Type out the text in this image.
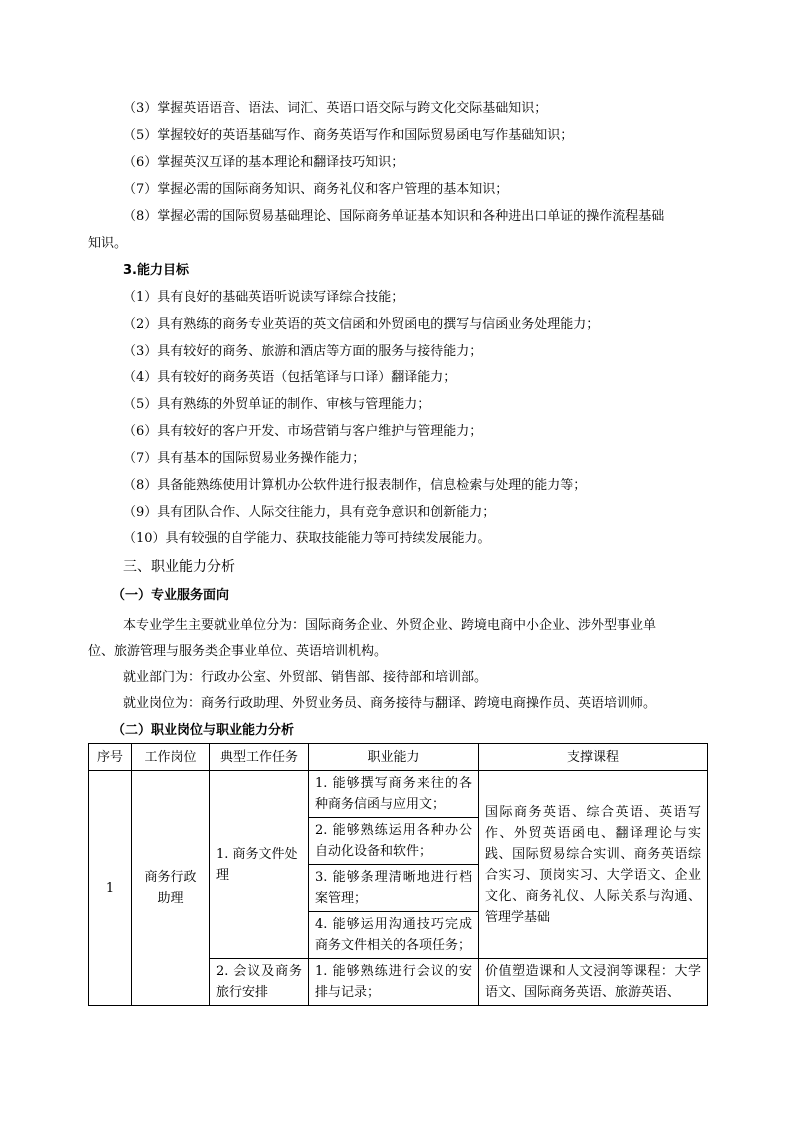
（3）掌握英语语音、语法、词汇、英语口语交际与跨文化交际基础知识；
（5）掌握较好的英语基础写作、商务英语写作和国际贸易函电写作基础知识；
（6）掌握英汉互译的基本理论和翻译技巧知识；
（7）掌握必需的国际商务知识、商务礼仪和客户管理的基本知识；
（8）掌握必需的国际贸易基础理论、国际商务单证基本知识和各种进出口单证的操作流程基础
知识。
3.能力目标
（1）具有良好的基础英语听说读写译综合技能；
（2）具有熟练的商务专业英语的英文信函和外贸函电的撰写与信函业务处理能力；
（3）具有较好的商务、旅游和酒店等方面的服务与接待能力；
（4）具有较好的商务英语（包括笔译与口译）翻译能力；
（5）具有熟练的外贸单证的制作、审核与管理能力；
（6）具有较好的客户开发、市场营销与客户维护与管理能力；
（7）具有基本的国际贸易业务操作能力；
（8）具备能熟练使用计算机办公软件进行报表制作，信息检索与处理的能力等；
（9）具有团队合作、人际交往能力，具有竞争意识和创新能力；
（10）具有较强的自学能力、获取技能能力等可持续发展能力。
三、职业能力分析
（一）专业服务面向
本专业学生主要就业单位分为：国际商务企业、外贸企业、跨境电商中小企业、涉外型事业单
位、旅游管理与服务类企事业单位、英语培训机构。
就业部门为：行政办公室、外贸部、销售部、接待部和培训部。
就业岗位为：商务行政助理、外贸业务员、商务接待与翻译、跨境电商操作员、英语培训师。
（二）职业岗位与职业能力分析
序号	工作岗位	典型工作任务	职业能力	支撑课程
1	商务行政助理	1. 商务文件处理	1. 能够撰写商务来往的各种商务信函与应用文；	国际商务英语、综合英语、英语写作、外贸英语函电、翻译理论与实践、国际贸易综合实训、商务英语综合实习、顶岗实习、大学语文、企业文化、商务礼仪、人际关系与沟通、管理学基础
			2. 能够熟练运用各种办公自动化设备和软件；	
			3. 能够条理清晰地进行档案管理；	
			4. 能够运用沟通技巧完成商务文件相关的各项任务；	
		2. 会议及商务旅行安排	1. 能够熟练进行会议的安排与记录；	价值塑造课和人文浸润等课程：大学语文、国际商务英语、旅游英语、
